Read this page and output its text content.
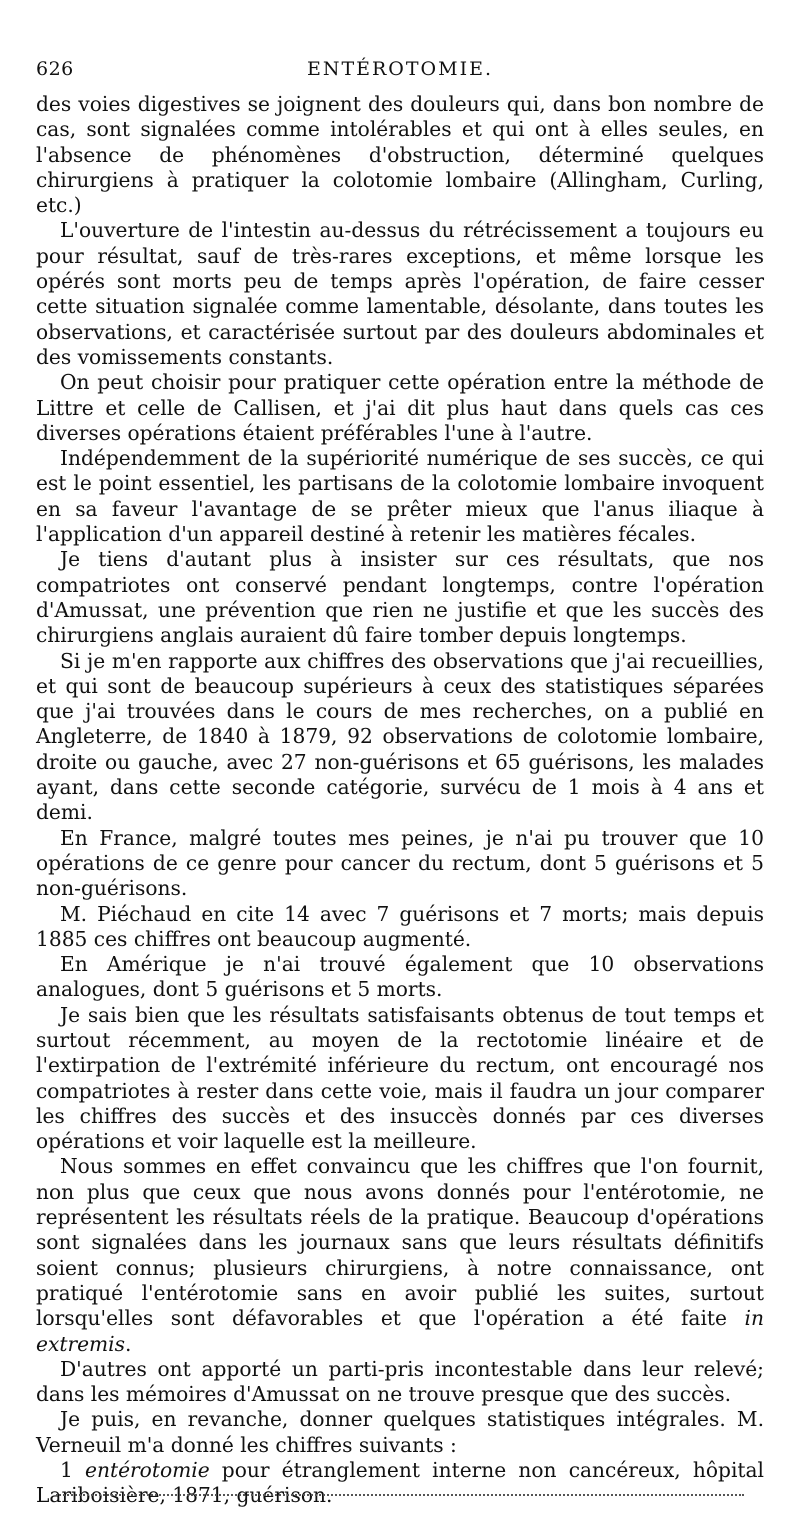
626	ENTÉROTOMIE.

des voies digestives se joignent des douleurs qui, dans bon nombre de cas, sont signalées comme intolérables et qui ont à elles seules, en l'absence de phénomènes d'obstruction, déterminé quelques chirurgiens à pratiquer la colotomie lombaire (Allingham, Curling, etc.)

L'ouverture de l'intestin au-dessus du rétrécissement a toujours eu pour résultat, sauf de très-rares exceptions, et même lorsque les opérés sont morts peu de temps après l'opération, de faire cesser cette situation signalée comme lamentable, désolante, dans toutes les observations, et caractérisée surtout par des douleurs abdominales et des vomissements constants.

On peut choisir pour pratiquer cette opération entre la méthode de Littre et celle de Callisen, et j'ai dit plus haut dans quels cas ces diverses opérations étaient préférables l'une à l'autre.

Indépendemment de la supériorité numérique de ses succès, ce qui est le point essentiel, les partisans de la colotomie lombaire invoquent en sa faveur l'avantage de se prêter mieux que l'anus iliaque à l'application d'un appareil destiné à retenir les matières fécales.

Je tiens d'autant plus à insister sur ces résultats, que nos compatriotes ont conservé pendant longtemps, contre l'opération d'Amussat, une prévention que rien ne justifie et que les succès des chirurgiens anglais auraient dû faire tomber depuis longtemps.

Si je m'en rapporte aux chiffres des observations que j'ai recueillies, et qui sont de beaucoup supérieurs à ceux des statistiques séparées que j'ai trouvées dans le cours de mes recherches, on a publié en Angleterre, de 1840 à 1879, 92 observations de colotomie lombaire, droite ou gauche, avec 27 non-guérisons et 65 guérisons, les malades ayant, dans cette seconde catégorie, survécu de 1 mois à 4 ans et demi.

En France, malgré toutes mes peines, je n'ai pu trouver que 10 opérations de ce genre pour cancer du rectum, dont 5 guérisons et 5 non-guérisons.

M. Piéchaud en cite 14 avec 7 guérisons et 7 morts; mais depuis 1885 ces chiffres ont beaucoup augmenté.

En Amérique je n'ai trouvé également que 10 observations analogues, dont 5 guérisons et 5 morts.

Je sais bien que les résultats satisfaisants obtenus de tout temps et surtout récemment, au moyen de la rectotomie linéaire et de l'extirpation de l'extrémité inférieure du rectum, ont encouragé nos compatriotes à rester dans cette voie, mais il faudra un jour comparer les chiffres des succès et des insuccès donnés par ces diverses opérations et voir laquelle est la meilleure.

Nous sommes en effet convaincu que les chiffres que l'on fournit, non plus que ceux que nous avons donnés pour l'entérotomie, ne représentent les résultats réels de la pratique. Beaucoup d'opérations sont signalées dans les journaux sans que leurs résultats définitifs soient connus; plusieurs chirurgiens, à notre connaissance, ont pratiqué l'entérotomie sans en avoir publié les suites, surtout lorsqu'elles sont défavorables et que l'opération a été faite in extremis.

D'autres ont apporté un parti-pris incontestable dans leur relevé; dans les mémoires d'Amussat on ne trouve presque que des succès.

Je puis, en revanche, donner quelques statistiques intégrales. M. Verneuil m'a donné les chiffres suivants :

1 entérotomie pour étranglement interne non cancéreux, hôpital Lariboisière, 1871, guérison.
